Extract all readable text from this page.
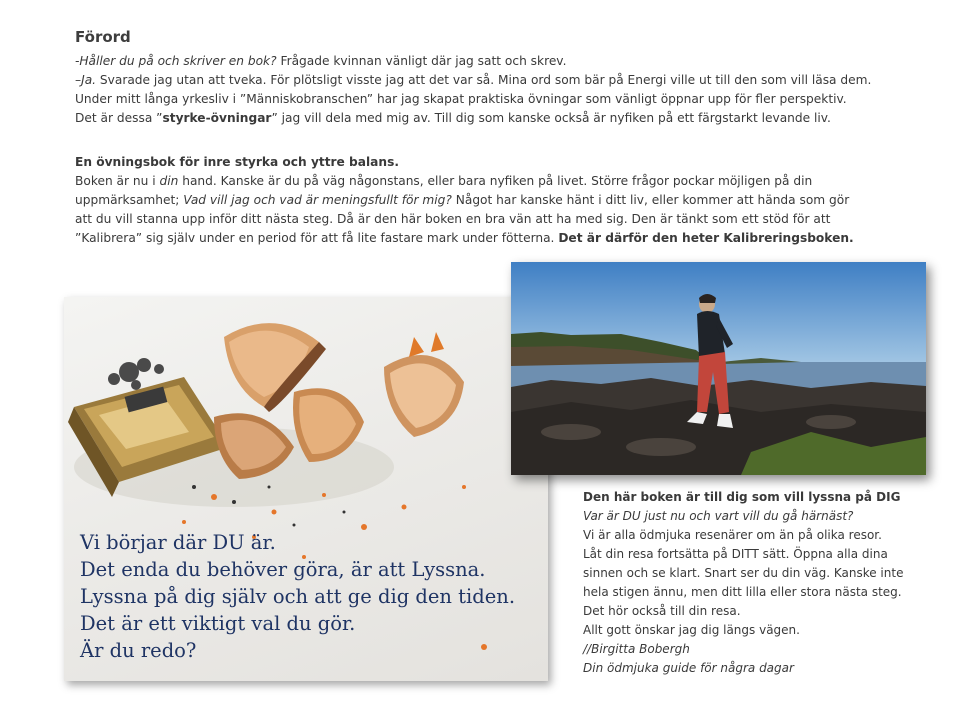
Förord

-Håller du på och skriver en bok? Frågade kvinnan vänligt där jag satt och skrev.

–Ja. Svarade jag utan att tveka. För plötsligt visste jag att det var så. Mina ord som bär på Energi ville ut till den som vill läsa dem.

Under mitt långa yrkesliv i ”Människobranschen” har jag skapat praktiska övningar som vänligt öppnar upp för fler perspektiv.

Det är dessa ”styrke-övningar” jag vill dela med mig av. Till dig som kanske också är nyfiken på ett färgstarkt levande liv.

En övningsbok för inre styrka och yttre balans.

Boken är nu i din hand. Kanske är du på väg någonstans, eller bara nyfiken på livet. Större frågor pockar möjligen på din

uppmärksamhet; Vad vill jag och vad är meningsfullt för mig? Något har kanske hänt i ditt liv, eller kommer att hända som gör

att du vill stanna upp inför ditt nästa steg. Då är den här boken en bra vän att ha med sig. Den är tänkt som ett stöd för att

”Kalibrera” sig själv under en period för att få lite fastare mark under fötterna. Det är därför den heter Kalibreringsboken.

Vi börjar där DU är.
Det enda du behöver göra, är att Lyssna.
Lyssna på dig själv och att ge dig den tiden.
Det är ett viktigt val du gör.
Är du redo?
Den här boken är till dig som vill lyssna på DIG
Var är DU just nu och vart vill du gå härnäst?
Vi är alla ödmjuka resenärer om än på olika resor.
Låt din resa fortsätta på DITT sätt. Öppna alla dina
sinnen och se klart. Snart ser du din väg. Kanske inte
hela stigen ännu, men ditt lilla eller stora nästa steg.
Det hör också till din resa.
Allt gott önskar jag dig längs vägen.
//Birgitta Bobergh
Din ödmjuka guide för några dagar
